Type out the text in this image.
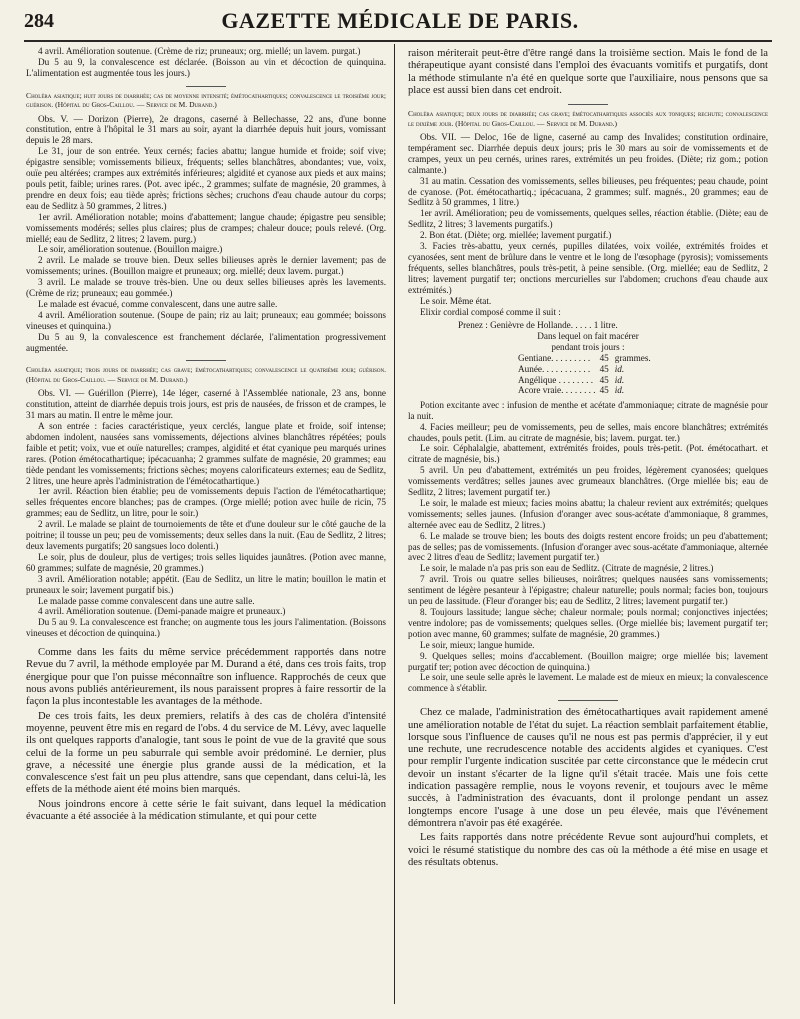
284	GAZETTE MÉDICALE DE PARIS.

4 avril. Amélioration soutenue. (Crème de riz; pruneaux; org. miellé; un lavem. purgat.)

Du 5 au 9, la convalescence est déclarée. (Boisson au vin et décoction de quinquina. L'alimentation est augmentée tous les jours.)

Choléra asiatique; huit jours de diarrhée; cas de moyenne intensité; émétocathartiques; convalescence le troisième jour; guérison. (Hôpital du Gros-Caillou. — Service de M. Durand.)

Obs. V. — Dorizon (Pierre), 2e dragons, caserné à Bellechasse, 22 ans, d'une bonne constitution, entre à l'hôpital le 31 mars au soir, ayant la diarrhée depuis huit jours, vomissant depuis le 28 mars.

Le 31, jour de son entrée. Yeux cernés; facies abattu; langue humide et froide; soif vive; épigastre sensible; vomissements bilieux, fréquents; selles blanchâtres, abondantes; vue, voix, ouïe peu altérées; crampes aux extrémités inférieures; algidité et cyanose aux pieds et aux mains; pouls petit, faible; urines rares. (Pot. avec ipéc., 2 grammes; sulfate de magnésie, 20 grammes, à prendre en deux fois; eau tiède après; frictions sèches; cruchons d'eau chaude autour du corps; eau de Sedlitz à 50 grammes, 2 litres.)

1er avril. Amélioration notable; moins d'abattement; langue chaude; épigastre peu sensible; vomissements modérés; selles plus claires; plus de crampes; chaleur douce; pouls relevé. (Org. miellé; eau de Sedlitz, 2 litres; 2 lavem. purg.)

Le soir, amélioration soutenue. (Bouillon maigre.)

2 avril. Le malade se trouve bien. Deux selles bilieuses après le dernier lavement; pas de vomissements; urines. (Bouillon maigre et pruneaux; org. miellé; deux lavem. purgat.)

3 avril. Le malade se trouve très-bien. Une ou deux selles bilieuses après les lavements. (Crème de riz; pruneaux; eau gommée.)

Le malade est évacué, comme convalescent, dans une autre salle.

4 avril. Amélioration soutenue. (Soupe de pain; riz au lait; pruneaux; eau gommée; boissons vineuses et quinquina.)

Du 5 au 9, la convalescence est franchement déclarée, l'alimentation progressivement augmentée.

Choléra asiatique; trois jours de diarrhée; cas grave; émétocathartiques; convalescence le quatrième jour; guérison. (Hôpital du Gros-Caillou. — Service de M. Durand.)

Obs. VI. — Guérillon (Pierre), 14e léger, caserné à l'Assemblée nationale, 23 ans, bonne constitution, atteint de diarrhée depuis trois jours, est pris de nausées, de frisson et de crampes, le 31 mars au matin. Il entre le même jour.

A son entrée : facies caractéristique, yeux cerclés, langue plate et froide, soif intense; abdomen indolent, nausées sans vomissements, déjections alvines blanchâtres répétées; pouls faible et petit; voix, vue et ouïe naturelles; crampes, algidité et état cyanique peu marqués urines rares. (Potion émétocathartique; ipécacuanha; 2 grammes sulfate de magnésie, 20 grammes; eau tiède pendant les vomissements; frictions sèches; moyens calorificateurs externes; eau de Sedlitz, 2 litres, une heure après l'administration de l'émétocathartique.)

1er avril. Réaction bien établie; peu de vomissements depuis l'action de l'émétocathartique; selles fréquentes encore blanches; pas de crampes. (Orge miellé; potion avec huile de ricin, 75 grammes; eau de Sedlitz, un litre, pour le soir.)

2 avril. Le malade se plaint de tournoiements de tête et d'une douleur sur le côté gauche de la poitrine; il tousse un peu; peu de vomissements; deux selles dans la nuit. (Eau de Sedlitz, 2 litres; deux lavements purgatifs; 20 sangsues loco dolenti.)

Le soir, plus de douleur, plus de vertiges; trois selles liquides jaunâtres. (Potion avec manne, 60 grammes; sulfate de magnésie, 20 grammes.)

3 avril. Amélioration notable; appétit. (Eau de Sedlitz, un litre le matin; bouillon le matin et pruneaux le soir; lavement purgatif bis.)

Le malade passe comme convalescent dans une autre salle.

4 avril. Amélioration soutenue. (Demi-panade maigre et pruneaux.)

Du 5 au 9. La convalescence est franche; on augmente tous les jours l'alimentation. (Boissons vineuses et décoction de quinquina.)

Comme dans les faits du même service précédemment rapportés dans notre Revue du 7 avril, la méthode employée par M. Durand a été, dans ces trois faits, trop énergique pour que l'on puisse méconnaître son influence. Rapprochés de ceux que nous avons publiés antérieurement, ils nous paraissent propres à faire ressortir de la façon la plus incontestable les avantages de la méthode.

De ces trois faits, les deux premiers, relatifs à des cas de choléra d'intensité moyenne, peuvent être mis en regard de l'obs. 4 du service de M. Lévy, avec laquelle ils ont quelques rapports d'analogie, tant sous le point de vue de la gravité que sous celui de la forme un peu saburrale qui semble avoir prédominé. Le dernier, plus grave, a nécessité une énergie plus grande aussi de la médication, et la convalescence s'est fait un peu plus attendre, sans que cependant, dans celui-là, les effets de la méthode aient été moins bien marqués.

Nous joindrons encore à cette série le fait suivant, dans lequel la médication évacuante a été associée à la médication stimulante, et qui pour cette

raison mériterait peut-être d'être rangé dans la troisième section. Mais le fond de la thérapeutique ayant consisté dans l'emploi des évacuants vomitifs et purgatifs, dont la méthode stimulante n'a été en quelque sorte que l'auxiliaire, nous pensons que sa place est aussi bien dans cet endroit.

Choléra asiatique; deux jours de diarrhée; cas grave; émétocathartiques associés aux toniques; rechute; convalescence le dixième jour. (Hôpital du Gros-Caillou. — Service de M. Durand.)

Obs. VII. — Deloc, 16e de ligne, caserné au camp des Invalides; constitution ordinaire, tempérament sec. Diarrhée depuis deux jours; pris le 30 mars au soir de vomissements et de crampes, yeux un peu cernés, urines rares, extrémités un peu froides. (Diète; riz gom.; potion calmante.)

31 au matin. Cessation des vomissements, selles bilieuses, peu fréquentes; peau chaude, point de cyanose. (Pot. émétocathartiq.; ipécacuana, 2 grammes; sulf. magnés., 20 grammes; eau de Sedlitz à 50 grammes, 1 litre.)

1er avril. Amélioration; peu de vomissements, quelques selles, réaction établie. (Diète; eau de Sedlitz, 2 litres; 3 lavements purgatifs.)

2. Bon état. (Diète; org. miellée; lavement purgatif.)

3. Facies très-abattu, yeux cernés, pupilles dilatées, voix voilée, extrémités froides et cyanosées, sent ment de brûlure dans le ventre et le long de l'œsophage (pyrosis); vomissements fréquents, selles blanchâtres, pouls très-petit, à peine sensible. (Org. miellée; eau de Sedlitz, 2 litres; lavement purgatif ter; onctions mercurielles sur l'abdomen; cruchons d'eau chaude aux extrémités.)

Le soir. Même état.

Elixir cordial composé comme il suit :

Prenez : Genièvre de Hollande. . . . . 1 litre.
Dans lequel on fait macérer
pendant trois jours :
Gentiane. . . . . . . . .	45	grammes.
Aunée. . . . . . . . . . .	45	id.
Angélique . . . . . . . .	45	id.
Acore vraie. . . . . . . .	45	id.

Potion excitante avec : infusion de menthe et acétate d'ammoniaque; citrate de magnésie pour la nuit.

4. Facies meilleur; peu de vomissements, peu de selles, mais encore blanchâtres; extrémités chaudes, pouls petit. (Lim. au citrate de magnésie, bis; lavem. purgat. ter.)

Le soir. Céphalalgie, abattement, extrémités froides, pouls très-petit. (Pot. émétocathart. et citrate de magnésie, bis.)

5 avril. Un peu d'abattement, extrémités un peu froides, légèrement cyanosées; quelques vomissements verdâtres; selles jaunes avec grumeaux blanchâtres. (Orge miellée bis; eau de Sedlitz, 2 litres; lavement purgatif ter.)

Le soir, le malade est mieux; facies moins abattu; la chaleur revient aux extrémités; quelques vomissements; selles jaunes. (Infusion d'oranger avec sous-acétate d'ammoniaque, 8 grammes, alternée avec eau de Sedlitz, 2 litres.)

6. Le malade se trouve bien; les bouts des doigts restent encore froids; un peu d'abattement; pas de selles; pas de vomissements. (Infusion d'oranger avec sous-acétate d'ammoniaque, alternée avec 2 litres d'eau de Sedlitz; lavement purgatif ter.)

Le soir, le malade n'a pas pris son eau de Sedlitz. (Citrate de magnésie, 2 litres.)

7 avril. Trois ou quatre selles bilieuses, noirâtres; quelques nausées sans vomissements; sentiment de légère pesanteur à l'épigastre; chaleur naturelle; pouls normal; facies bon, toujours un peu de lassitude. (Fleur d'oranger bis; eau de Sedlitz, 2 litres; lavement purgatif ter.)

8. Toujours lassitude; langue sèche; chaleur normale; pouls normal; conjonctives injectées; ventre indolore; pas de vomissements; quelques selles. (Orge miellée bis; lavement purgatif ter; potion avec manne, 60 grammes; sulfate de magnésie, 20 grammes.)

Le soir, mieux; langue humide.

9. Quelques selles; moins d'accablement. (Bouillon maigre; orge miellée bis; lavement purgatif ter; potion avec décoction de quinquina.)

Le soir, une seule selle après le lavement. Le malade est de mieux en mieux; la convalescence commence à s'établir.

Chez ce malade, l'administration des émétocathartiques avait rapidement amené une amélioration notable de l'état du sujet. La réaction semblait parfaitement établie, lorsque sous l'influence de causes qu'il ne nous est pas permis d'apprécier, il y eut une rechute, une recrudescence notable des accidents algides et cyaniques. C'est pour remplir l'urgente indication suscitée par cette circonstance que le médecin crut devoir un instant s'écarter de la ligne qu'il s'était tracée. Mais une fois cette indication passagère remplie, nous le voyons revenir, et toujours avec le même succès, à l'administration des évacuants, dont il prolonge pendant un assez longtemps encore l'usage à une dose un peu élevée, mais que l'événement démontrera n'avoir pas été exagérée.

Les faits rapportés dans notre précédente Revue sont aujourd'hui complets, et voici le résumé statistique du nombre des cas où la méthode a été mise en usage et des résultats obtenus.
